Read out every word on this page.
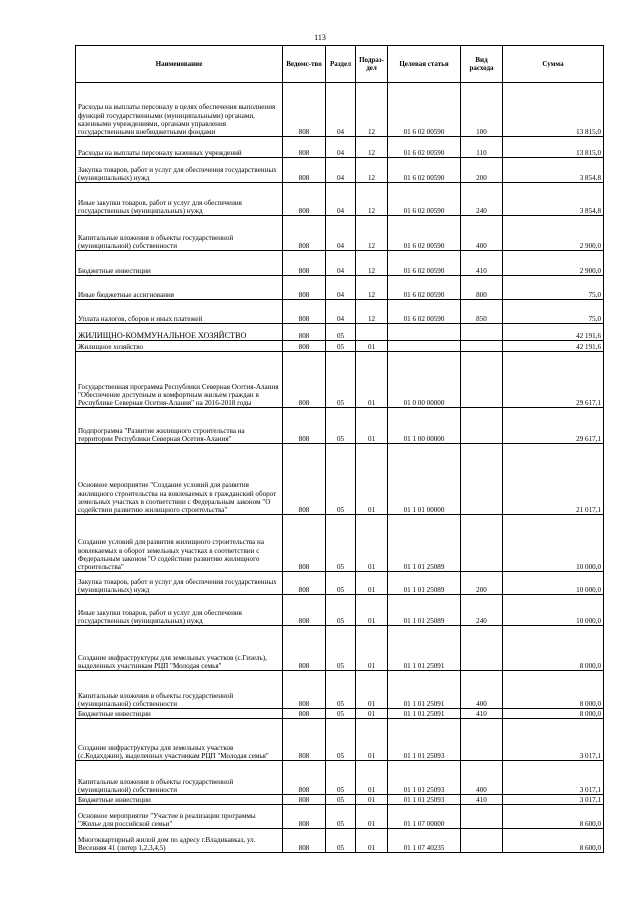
113
Наименование	Ведомс-тво	Раздел	Подраз-дел	Целевая статья	Вид расхода	Сумма
Расходы на выплаты персоналу в целях обеспечения выполнения функций государственными (муниципальными) органами, казенными учреждениями, органами управления государственными внебюджетными фондами	808	04	12	01 6 02 00590	100	13 815,0
Расходы на выплаты персоналу казенных учреждений	808	04	12	01 6 02 00590	110	13 815,0
Закупка товаров, работ и услуг для обеспечения государственных (муниципальных) нужд	808	04	12	01 6 02 00590	200	3 854,8
Иные закупки товаров, работ и услуг для обеспечения государственных (муниципальных) нужд	808	04	12	01 6 02 00590	240	3 854,8
Капитальные вложения в объекты государственной (муниципальной) собственности	808	04	12	01 6 02 00590	400	2 900,0
Бюджетные инвестиции	808	04	12	01 6 02 00590	410	2 900,0
Иные бюджетные ассигнования	808	04	12	01 6 02 00590	800	75,0
Уплата налогов, сборов и иных платежей	808	04	12	01 6 02 00590	850	75,0
ЖИЛИЩНО-КОММУНАЛЬНОЕ ХОЗЯЙСТВО	808	05				42 191,6
Жилищное хозяйство	808	05	01			42 191,6
Государственная программа Республики Северная Осетия-Алания "Обеспечение доступным и комфортным жильем граждан в Республике Северная Осетия-Алания" на 2016-2018 годы	808	05	01	01 0 00 00000		29 617,1
Подпрограмма "Развитие жилищного строительства на территории Республики Северная Осетия-Алания"	808	05	01	01 1 00 00000		29 617,1
Основное мероприятие "Создание условий для развития жилищного строительства на вовлекаемых в гражданский оборот земельных участках в соответствии с Федеральным законом "О содействии развитию жилищного строительства"	808	05	01	01 1 01 00000		21 017,1
Создание условий для развития жилищного строительства на вовлекаемых в оборот земельных участках в соответствии с Федеральным законом "О содействии развитию жилищного строительства"	808	05	01	01 1 01 25089		10 000,0
Закупка товаров, работ и услуг для обеспечения государственных (муниципальных) нужд	808	05	01	01 1 01 25089	200	10 000,0
Иные закупки товаров, работ и услуг для обеспечения государственных (муниципальных) нужд	808	05	01	01 1 01 25089	240	10 000,0
Создание инфраструктуры для земельных участков (с.Гизель), выделенных участникам РЦП "Молодая семья"	808	05	01	01 1 01 25091		8 000,0
Капитальные вложения в объекты государственной (муниципальной) собственности	808	05	01	01 1 01 25091	400	8 000,0
Бюджетные инвестиции	808	05	01	01 1 01 25091	410	8 000,0
Создание инфраструктуры для земельных участков (с.Кодахджин), выделенных участникам РЦП "Молодая семья"	808	05	01	01 1 01 25093		3 017,1
Капитальные вложения в объекты государственной (муниципальной) собственности	808	05	01	01 1 01 25093	400	3 017,1
Бюджетные инвестиции	808	05	01	01 1 01 25093	410	3 017,1
Основное мероприятие "Участие в реализации программы "Жилье для российской семьи"	808	05	01	01 1 07 00000		8 600,0
Многоквартирный жилой дом по адресу г.Владикавказ, ул. Весенняя 41 (литер 1,2,3,4,5)	808	05	01	01 1 07 40235		8 600,0
